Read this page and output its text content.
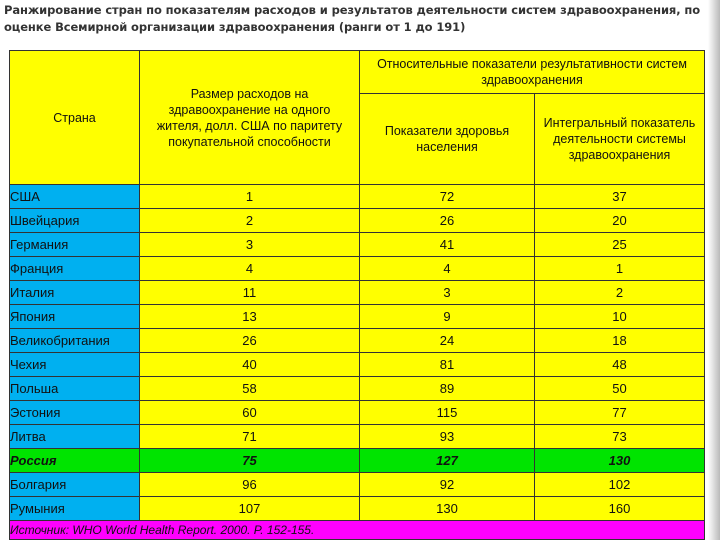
Ранжирование стран по показателям расходов и результатов деятельности систем здравоохранения, по оценке Всемирной организации здравоохранения (ранги от 1 до 191)
Страна	Размер расходов на здравоохранение на одного жителя, долл. США по паритету покупательной способности	Относительные показатели результативности систем здравоохранения	
		Показатели здоровья населения	Интегральный показатель деятельности системы здравоохранения
США	1	72	37
Швейцария	2	26	20
Германия	3	41	25
Франция	4	4	1
Италия	11	3	2
Япония	13	9	10
Великобритания	26	24	18
Чехия	40	81	48
Польша	58	89	50
Эстония	60	115	77
Литва	71	93	73
Россия	75	127	130
Болгария	96	92	102
Румыния	107	130	160
Источник: WHO World Health Report. 2000. P. 152-155.			
